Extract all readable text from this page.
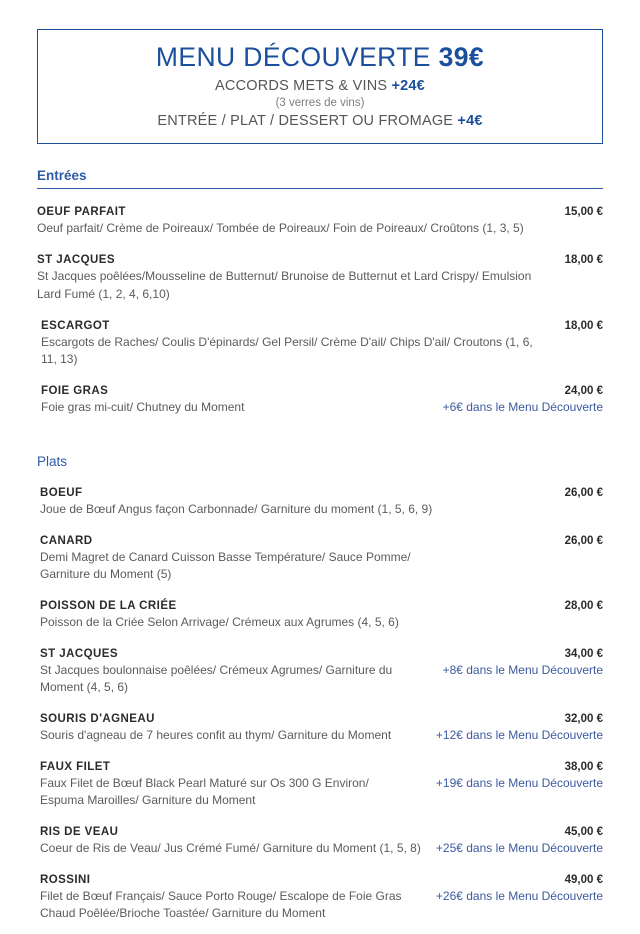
MENU DÉCOUVERTE 39€
ACCORDS METS & VINS +24€
(3 verres de vins)
ENTRÉE / PLAT / DESSERT OU FROMAGE +4€
Entrées
OEUF PARFAIT	15,00 €
Oeuf parfait/ Crème de Poireaux/ Tombée de Poireaux/ Foin de Poireaux/ Croûtons (1, 3, 5)
ST JACQUES	18,00 €
St Jacques poêlées/Mousseline de Butternut/ Brunoise de Butternut et Lard Crispy/ Emulsion Lard Fumé (1, 2, 4, 6,10)
ESCARGOT	18,00 €
Escargots de Raches/ Coulis D'épinards/ Gel Persil/ Crème D'ail/ Chips D'ail/ Croutons (1, 6, 11, 13)
FOIE GRAS	24,00 €
Foie gras mi-cuit/ Chutney du Moment	+6€ dans le Menu Découverte
Plats
BOEUF	26,00 €
Joue de Bœuf Angus façon Carbonnade/ Garniture du moment (1, 5, 6, 9)
CANARD	26,00 €
Demi Magret de Canard Cuisson Basse Température/ Sauce Pomme/ Garniture du Moment (5)
POISSON DE LA CRIÉE	28,00 €
Poisson de la Criée Selon Arrivage/ Crémeux aux Agrumes (4, 5, 6)
ST JACQUES	34,00 €
St Jacques boulonnaise poêlées/ Crémeux Agrumes/ Garniture du Moment (4, 5, 6)
+8€ dans le Menu Découverte
SOURIS D'AGNEAU	32,00 €
Souris d'agneau de 7 heures confit au thym/ Garniture du Moment	+12€ dans le Menu Découverte
FAUX FILET	38,00 €
Faux Filet de Bœuf Black Pearl Maturé sur Os 300 G Environ/ Espuma Maroilles/ Garniture du Moment
+19€ dans le Menu Découverte
RIS DE VEAU	45,00 €
Coeur de Ris de Veau/ Jus Crémé Fumé/ Garniture du Moment (1, 5, 8)	+25€ dans le Menu Découverte
ROSSINI	49,00 €
Filet de Bœuf Français/ Sauce Porto Rouge/ Escalope de Foie Gras Chaud Poêlée/Brioche Toastée/ Garniture du Moment
+26€ dans le Menu Découverte
